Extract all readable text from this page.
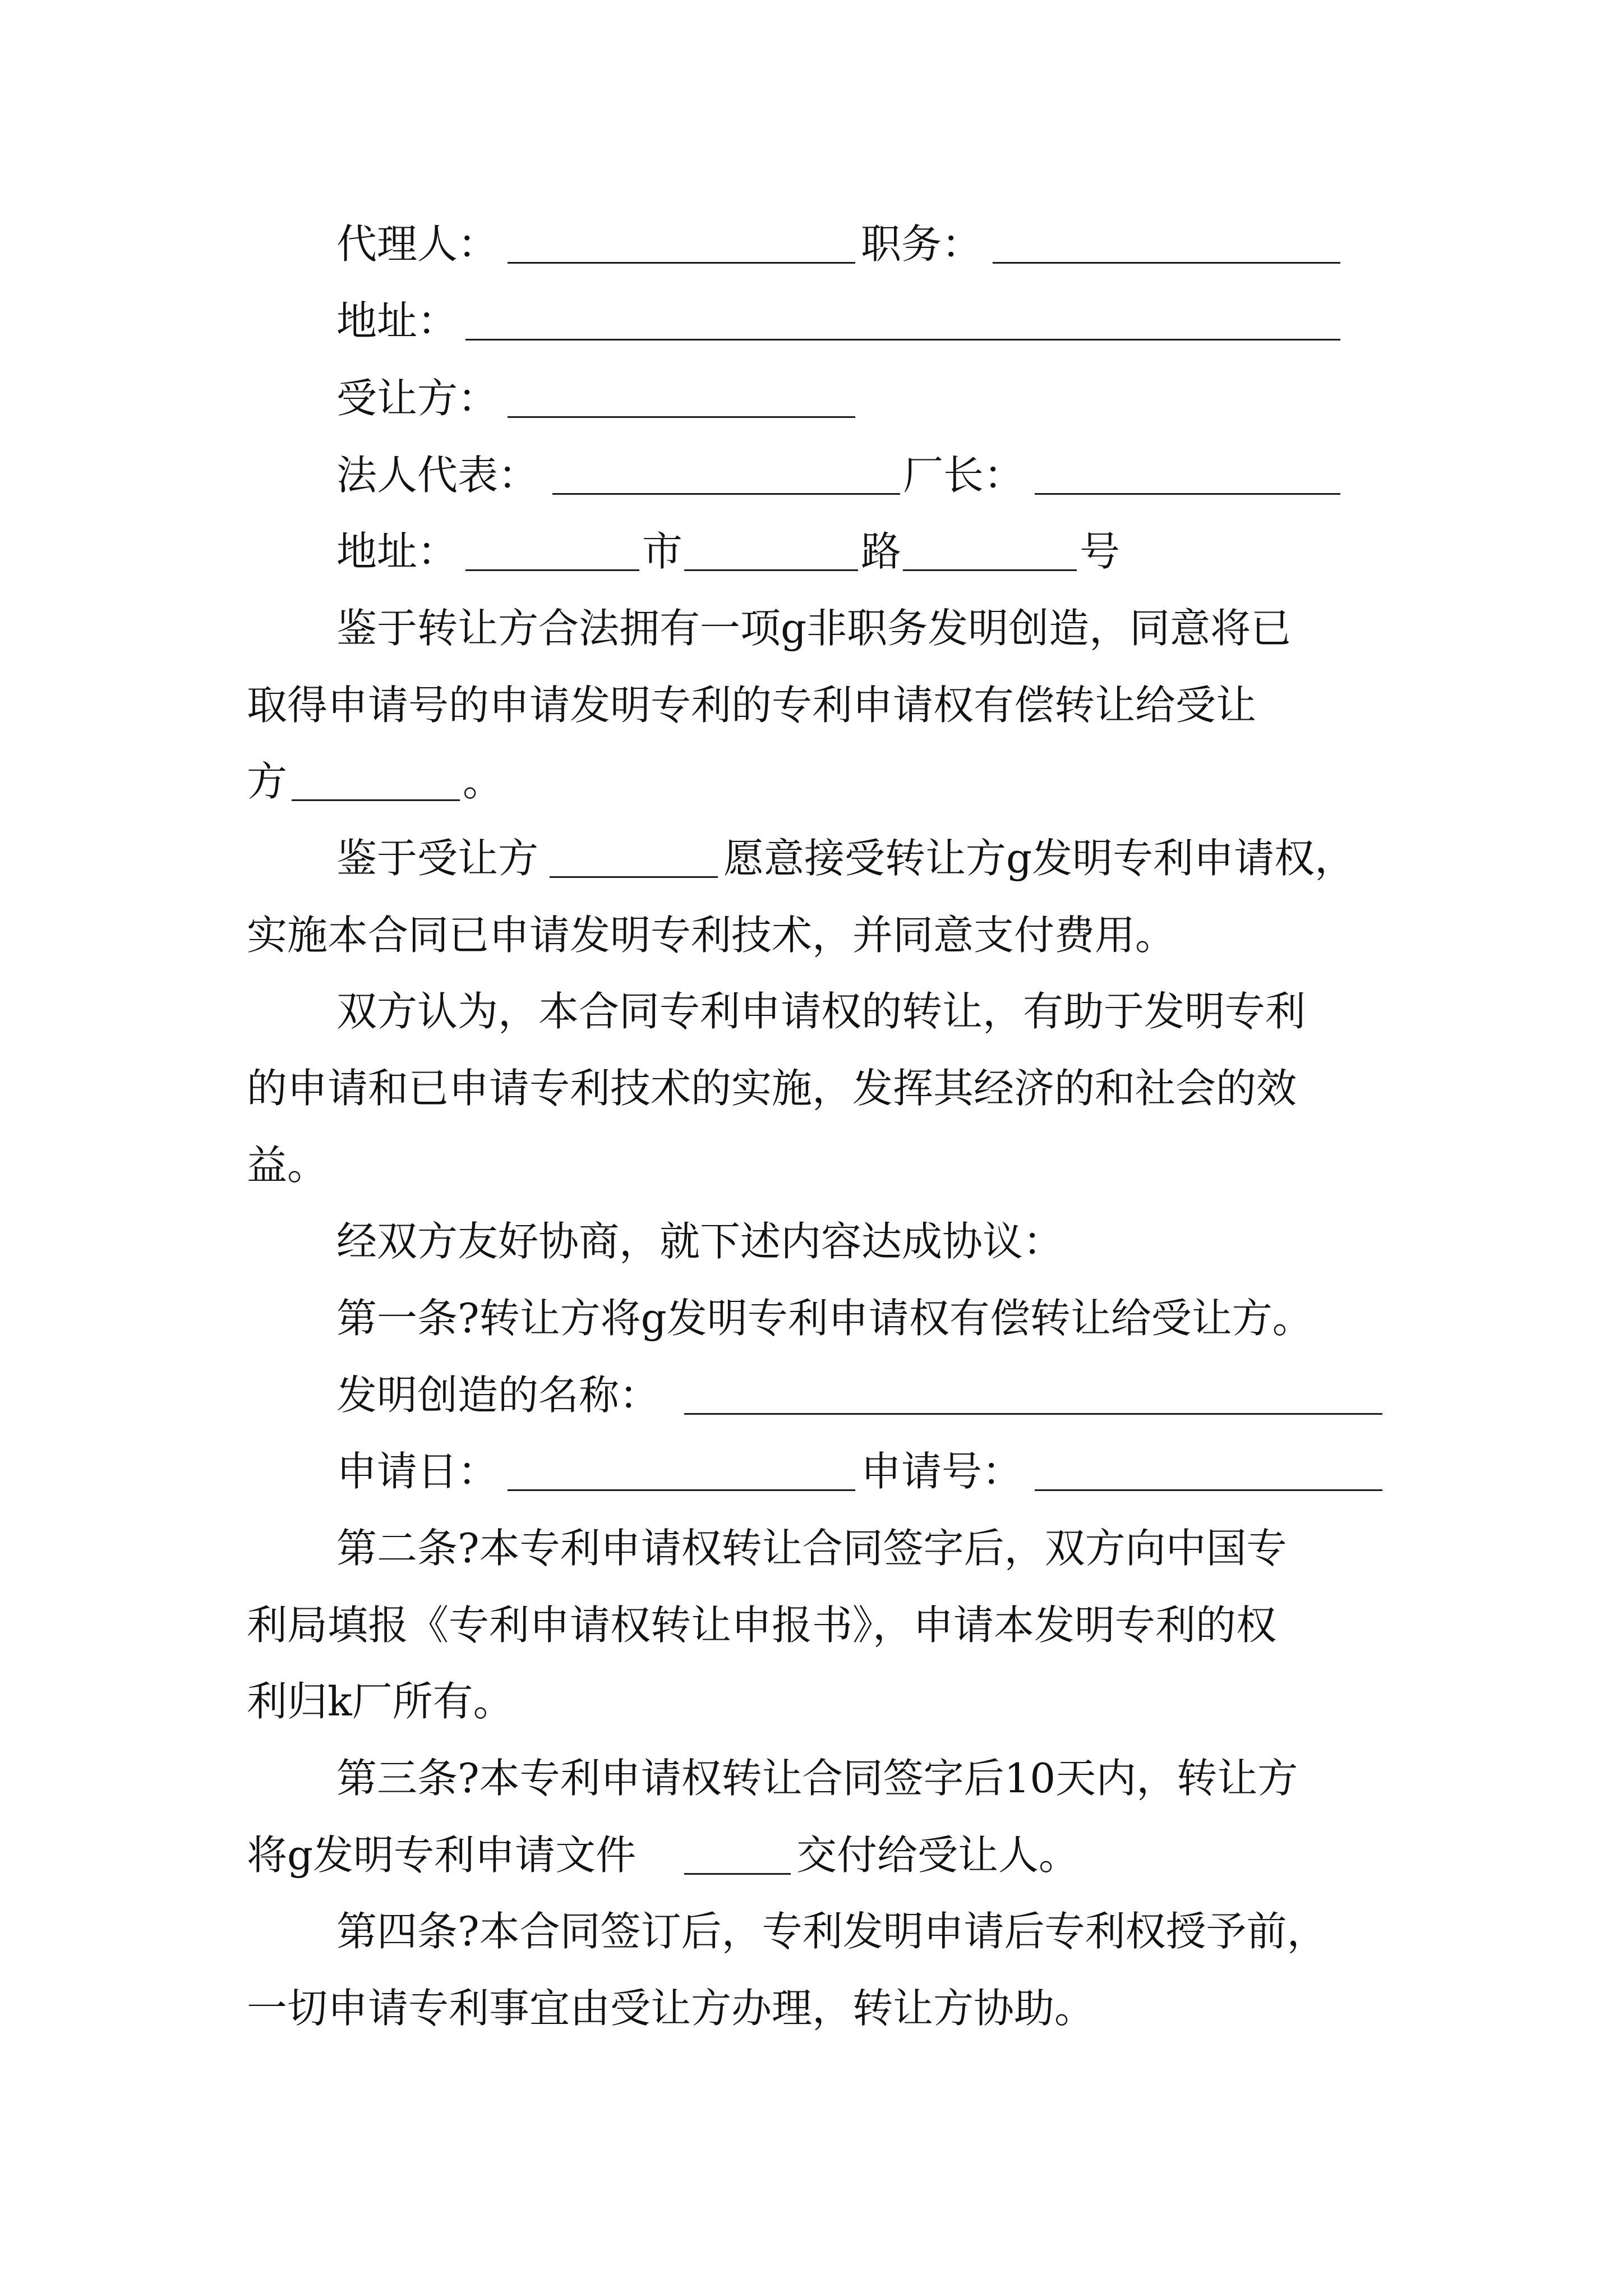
代理人：	职务：
地址：
受让方：
法人代表：	厂长：
地址：	市	路	号
鉴于转让方合法拥有一项g非职务发明创造，同意将已
取得申请号的申请发明专利的专利申请权有偿转让给受让
方	。
鉴于受让方	愿意接受转让方g发明专利申请权，
实施本合同已申请发明专利技术，并同意支付费用。
双方认为，本合同专利申请权的转让，有助于发明专利
的申请和已申请专利技术的实施，发挥其经济的和社会的效
益。
经双方友好协商，就下述内容达成协议：
第一条?转让方将g发明专利申请权有偿转让给受让方。
发明创造的名称：
申请日：	申请号：
第二条?本专利申请权转让合同签字后，双方向中国专
利局填报《专利申请权转让申报书》，申请本发明专利的权
利归k厂所有。
第三条?本专利申请权转让合同签字后10天内，转让方
将g发明专利申请文件	交付给受让人。
第四条?本合同签订后，专利发明申请后专利权授予前，
一切申请专利事宜由受让方办理，转让方协助。
